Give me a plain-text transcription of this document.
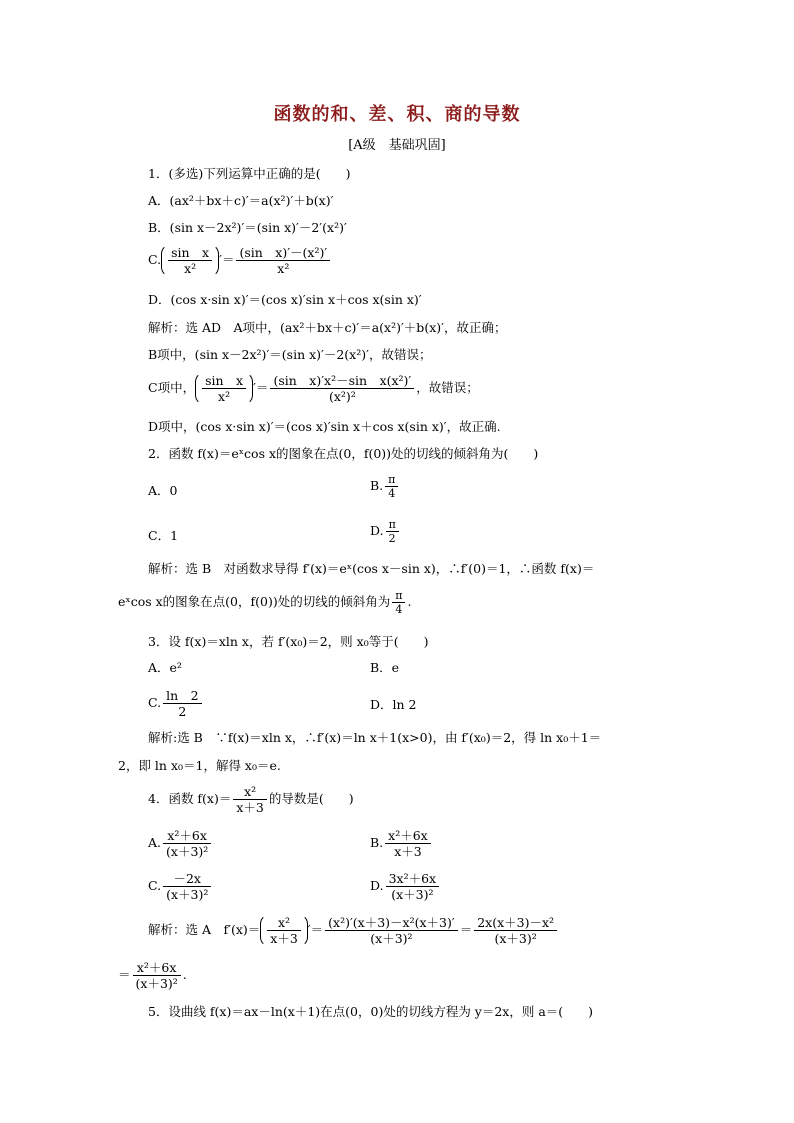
函数的和、差、积、商的导数
[A级　基础巩固]
1．(多选)下列运算中正确的是(　　)
A．(ax²＋bx＋c)′＝a(x²)′＋b(x)′
B．(sin x－2x²)′＝(sin x)′－2′(x²)′
C. $\frac{\text{sin　x}}{\text{x²}}$ ′＝ $\frac{\text{(sin　x)′－(x²)′}}{\text{x²}}$
D．(cos x·sin x)′＝(cos x)′sin x＋cos x(sin x)′
解析：选 AD　A项中，(ax²＋bx＋c)′＝a(x²)′＋b(x)′，故正确；
B项中，(sin x－2x²)′＝(sin x)′－2(x²)′，故错误；
C项中， $\frac{\text{sin　x}}{\text{x²}}$ ′＝ $\frac{\text{(sin　x)′x²－sin　x(x²)′}}{\text{(x²)²}}$ ，故错误；
D项中，(cos x·sin x)′＝(cos x)′sin x＋cos x(sin x)′，故正确.
2．函数 f(x)＝eˣcos x的图象在点(0，f(0))处的切线的倾斜角为(　　)
A．0	B. $\frac{\pi}{4}$
C．1	D. $\frac{\pi}{2}$
解析：选 B　对函数求导得 f′(x)＝eˣ(cos x－sin x)，∴f′(0)＝1，∴函数 f(x)＝
eˣcos x的图象在点(0，f(0))处的切线的倾斜角为 $\frac{\pi}{4}$ .
3．设 f(x)＝xln x，若 f′(x₀)＝2，则 x₀等于(　　)
A．e²	B．e
C. $\frac{\ln 2}{2}$	D．ln 2
解析:选 B　∵f(x)＝xln x，∴f′(x)＝ln x＋1(x>0)，由 f′(x₀)＝2，得 ln x₀＋1＝
2，即 ln x₀＝1，解得 x₀＝e.
4．函数 $f(x)= \frac{\text{x²}}{x+3}$ 的导数是(　　)
A. $\frac{\text{x²＋6x}}{\text{(x＋3)²}}$	B. $\frac{\text{x²＋6x}}{x+3}$
C. $\frac{-2x}{\text{(x＋3)²}}$	D. $\frac{\text{3x²＋6x}}{\text{(x＋3)²}}$
解析：选 A　$f'(x)= \frac{\text{x²}}{x+3}$ ′＝ $\frac{\text{(x²)′(x＋3)－x²(x＋3)′}}{\text{(x＋3)²}} = \frac{\text{2x(x＋3)－x²}}{\text{(x＋3)²}}$
＝ $\frac{\text{x²＋6x}}{\text{(x＋3)²}}$ .
5．设曲线 f(x)＝ax－ln(x＋1)在点(0，0)处的切线方程为 y＝2x，则 a＝(　　)
